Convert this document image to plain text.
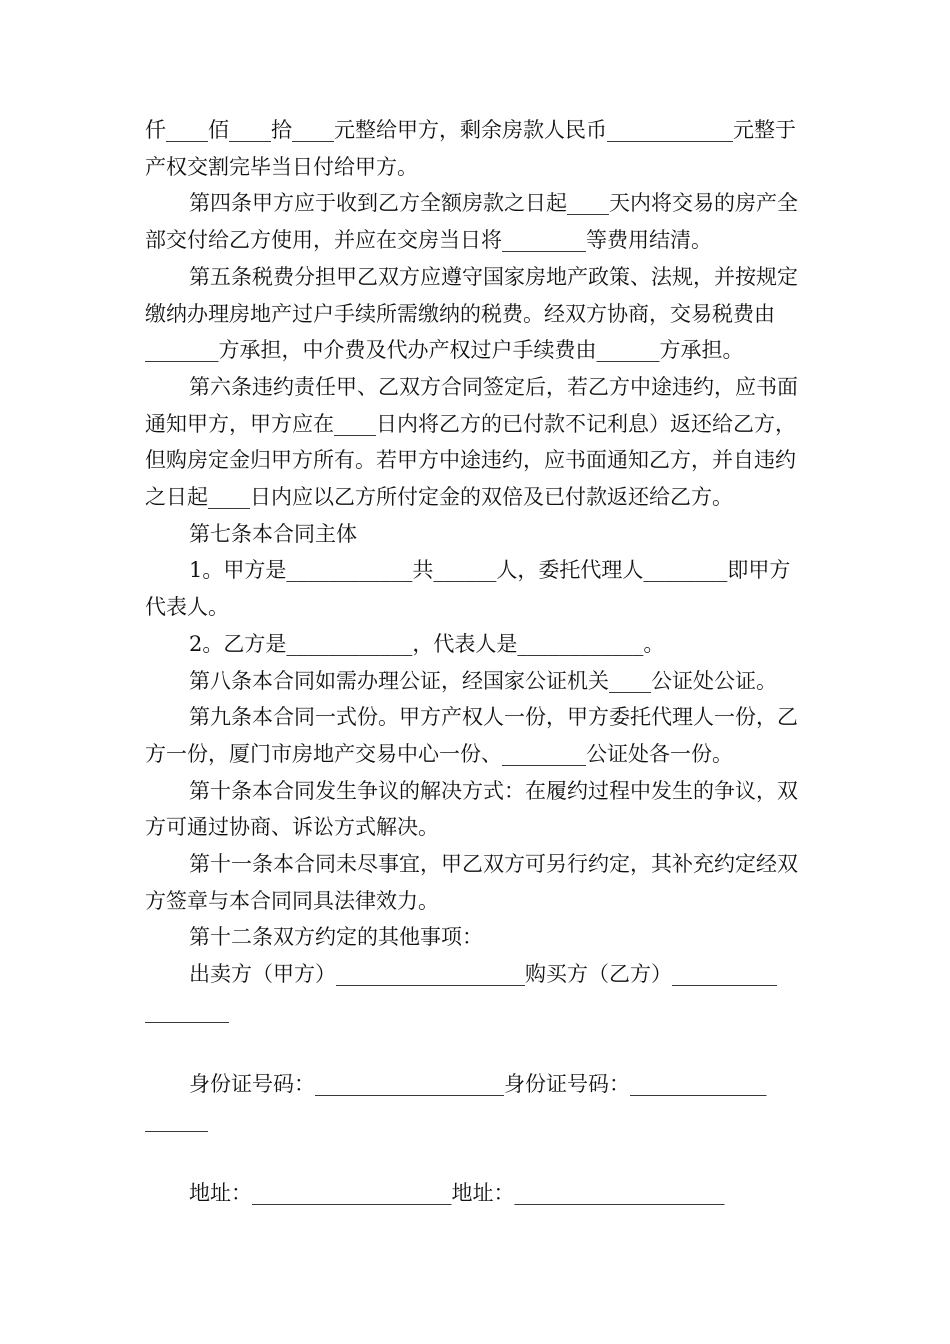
仟____佰____拾____元整给甲方，剩余房款人民币____________元整于产权交割完毕当日付给甲方。

第四条甲方应于收到乙方全额房款之日起____天内将交易的房产全部交付给乙方使用，并应在交房当日将________等费用结清。

第五条税费分担甲乙双方应遵守国家房地产政策、法规，并按规定缴纳办理房地产过户手续所需缴纳的税费。经双方协商，交易税费由_______方承担，中介费及代办产权过户手续费由______方承担。

第六条违约责任甲、乙双方合同签定后，若乙方中途违约，应书面通知甲方，甲方应在____日内将乙方的已付款不记利息）返还给乙方，但购房定金归甲方所有。若甲方中途违约，应书面通知乙方，并自违约之日起____日内应以乙方所付定金的双倍及已付款返还给乙方。

第七条本合同主体

1。甲方是____________共______人，委托代理人________即甲方代表人。

2。乙方是____________，代表人是____________。

第八条本合同如需办理公证，经国家公证机关____公证处公证。

第九条本合同一式份。甲方产权人一份，甲方委托代理人一份，乙方一份，厦门市房地产交易中心一份、________公证处各一份。

第十条本合同发生争议的解决方式：在履约过程中发生的争议，双方可通过协商、诉讼方式解决。

第十一条本合同未尽事宜，甲乙双方可另行约定，其补充约定经双方签章与本合同同具法律效力。

第十二条双方约定的其他事项：

出卖方（甲方）__________________购买方（乙方）__________
________
身份证号码：__________________身份证号码：_____________
______
地址：___________________地址：____________________
